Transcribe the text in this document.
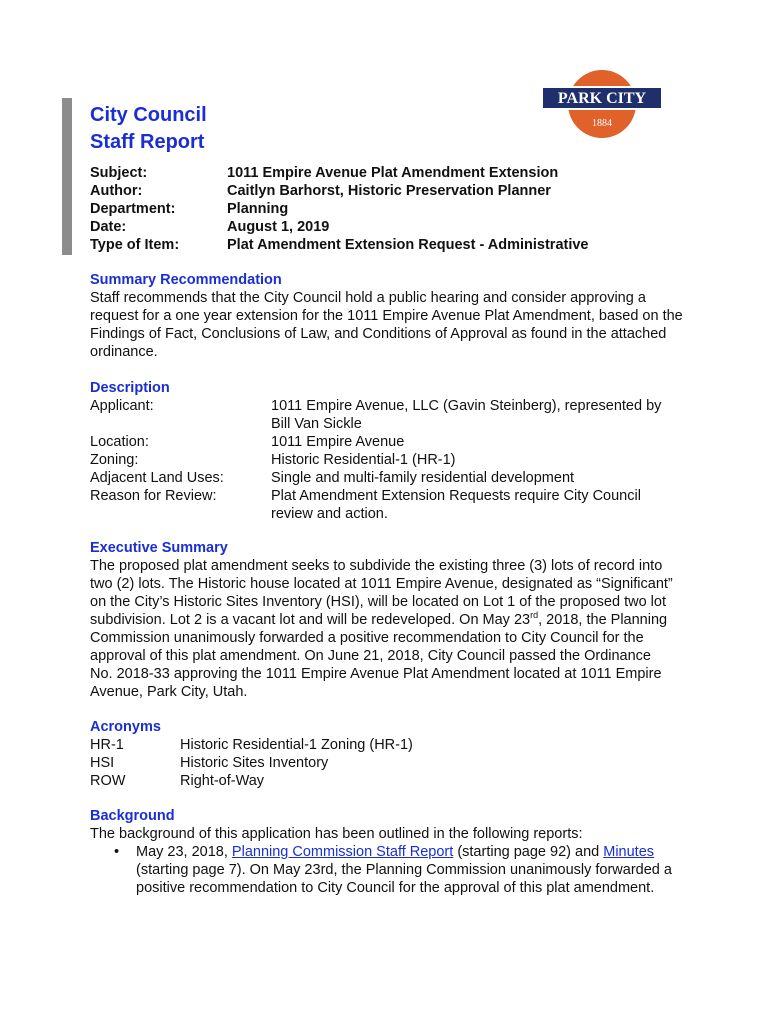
City Council
Staff Report
PARK CITY
1884
Subject:	1011 Empire Avenue Plat Amendment Extension
Author:	Caitlyn Barhorst, Historic Preservation Planner
Department:	Planning
Date:	August 1, 2019
Type of Item:	Plat Amendment Extension Request - Administrative
Summary Recommendation
Staff recommends that the City Council hold a public hearing and consider approving a request for a one year extension for the 1011 Empire Avenue Plat Amendment, based on the Findings of Fact, Conclusions of Law, and Conditions of Approval as found in the attached ordinance.
Description
Applicant:	1011 Empire Avenue, LLC (Gavin Steinberg), represented by Bill Van Sickle
Location:	1011 Empire Avenue
Zoning:	Historic Residential-1 (HR-1)
Adjacent Land Uses:	Single and multi-family residential development
Reason for Review:	Plat Amendment Extension Requests require City Council review and action.
Executive Summary
The proposed plat amendment seeks to subdivide the existing three (3) lots of record into two (2) lots. The Historic house located at 1011 Empire Avenue, designated as “Significant” on the City’s Historic Sites Inventory (HSI), will be located on Lot 1 of the proposed two lot subdivision. Lot 2 is a vacant lot and will be redeveloped. On May 23rd, 2018, the Planning Commission unanimously forwarded a positive recommendation to City Council for the approval of this plat amendment. On June 21, 2018, City Council passed the Ordinance No. 2018-33 approving the 1011 Empire Avenue Plat Amendment located at 1011 Empire Avenue, Park City, Utah.
Acronyms
HR-1	Historic Residential-1 Zoning (HR-1)
HSI	Historic Sites Inventory
ROW	Right-of-Way
Background
The background of this application has been outlined in the following reports:
• May 23, 2018, Planning Commission Staff Report (starting page 92) and Minutes (starting page 7). On May 23rd, the Planning Commission unanimously forwarded a positive recommendation to City Council for the approval of this plat amendment.
